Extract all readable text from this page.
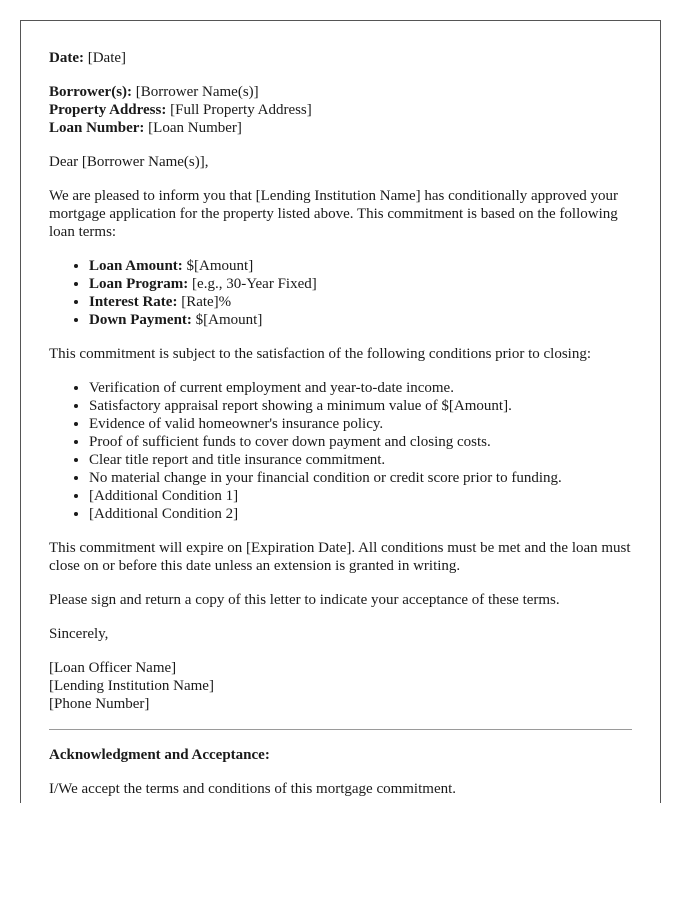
Date: [Date]

Borrower(s): [Borrower Name(s)]

Property Address: [Full Property Address]

Loan Number: [Loan Number]

Dear [Borrower Name(s)],

We are pleased to inform you that [Lending Institution Name] has conditionally approved your mortgage application for the property listed above. This commitment is based on the following loan terms:

• Loan Amount: $[Amount]
• Loan Program: [e.g., 30-Year Fixed]
• Interest Rate: [Rate]%
• Down Payment: $[Amount]

This commitment is subject to the satisfaction of the following conditions prior to closing:

• Verification of current employment and year-to-date income.
• Satisfactory appraisal report showing a minimum value of $[Amount].
• Evidence of valid homeowner's insurance policy.
• Proof of sufficient funds to cover down payment and closing costs.
• Clear title report and title insurance commitment.
• No material change in your financial condition or credit score prior to funding.
• [Additional Condition 1]
• [Additional Condition 2]

This commitment will expire on [Expiration Date]. All conditions must be met and the loan must close on or before this date unless an extension is granted in writing.

Please sign and return a copy of this letter to indicate your acceptance of these terms.

Sincerely,

[Loan Officer Name]
[Lending Institution Name]
[Phone Number]

Acknowledgment and Acceptance:

I/We accept the terms and conditions of this mortgage commitment.
